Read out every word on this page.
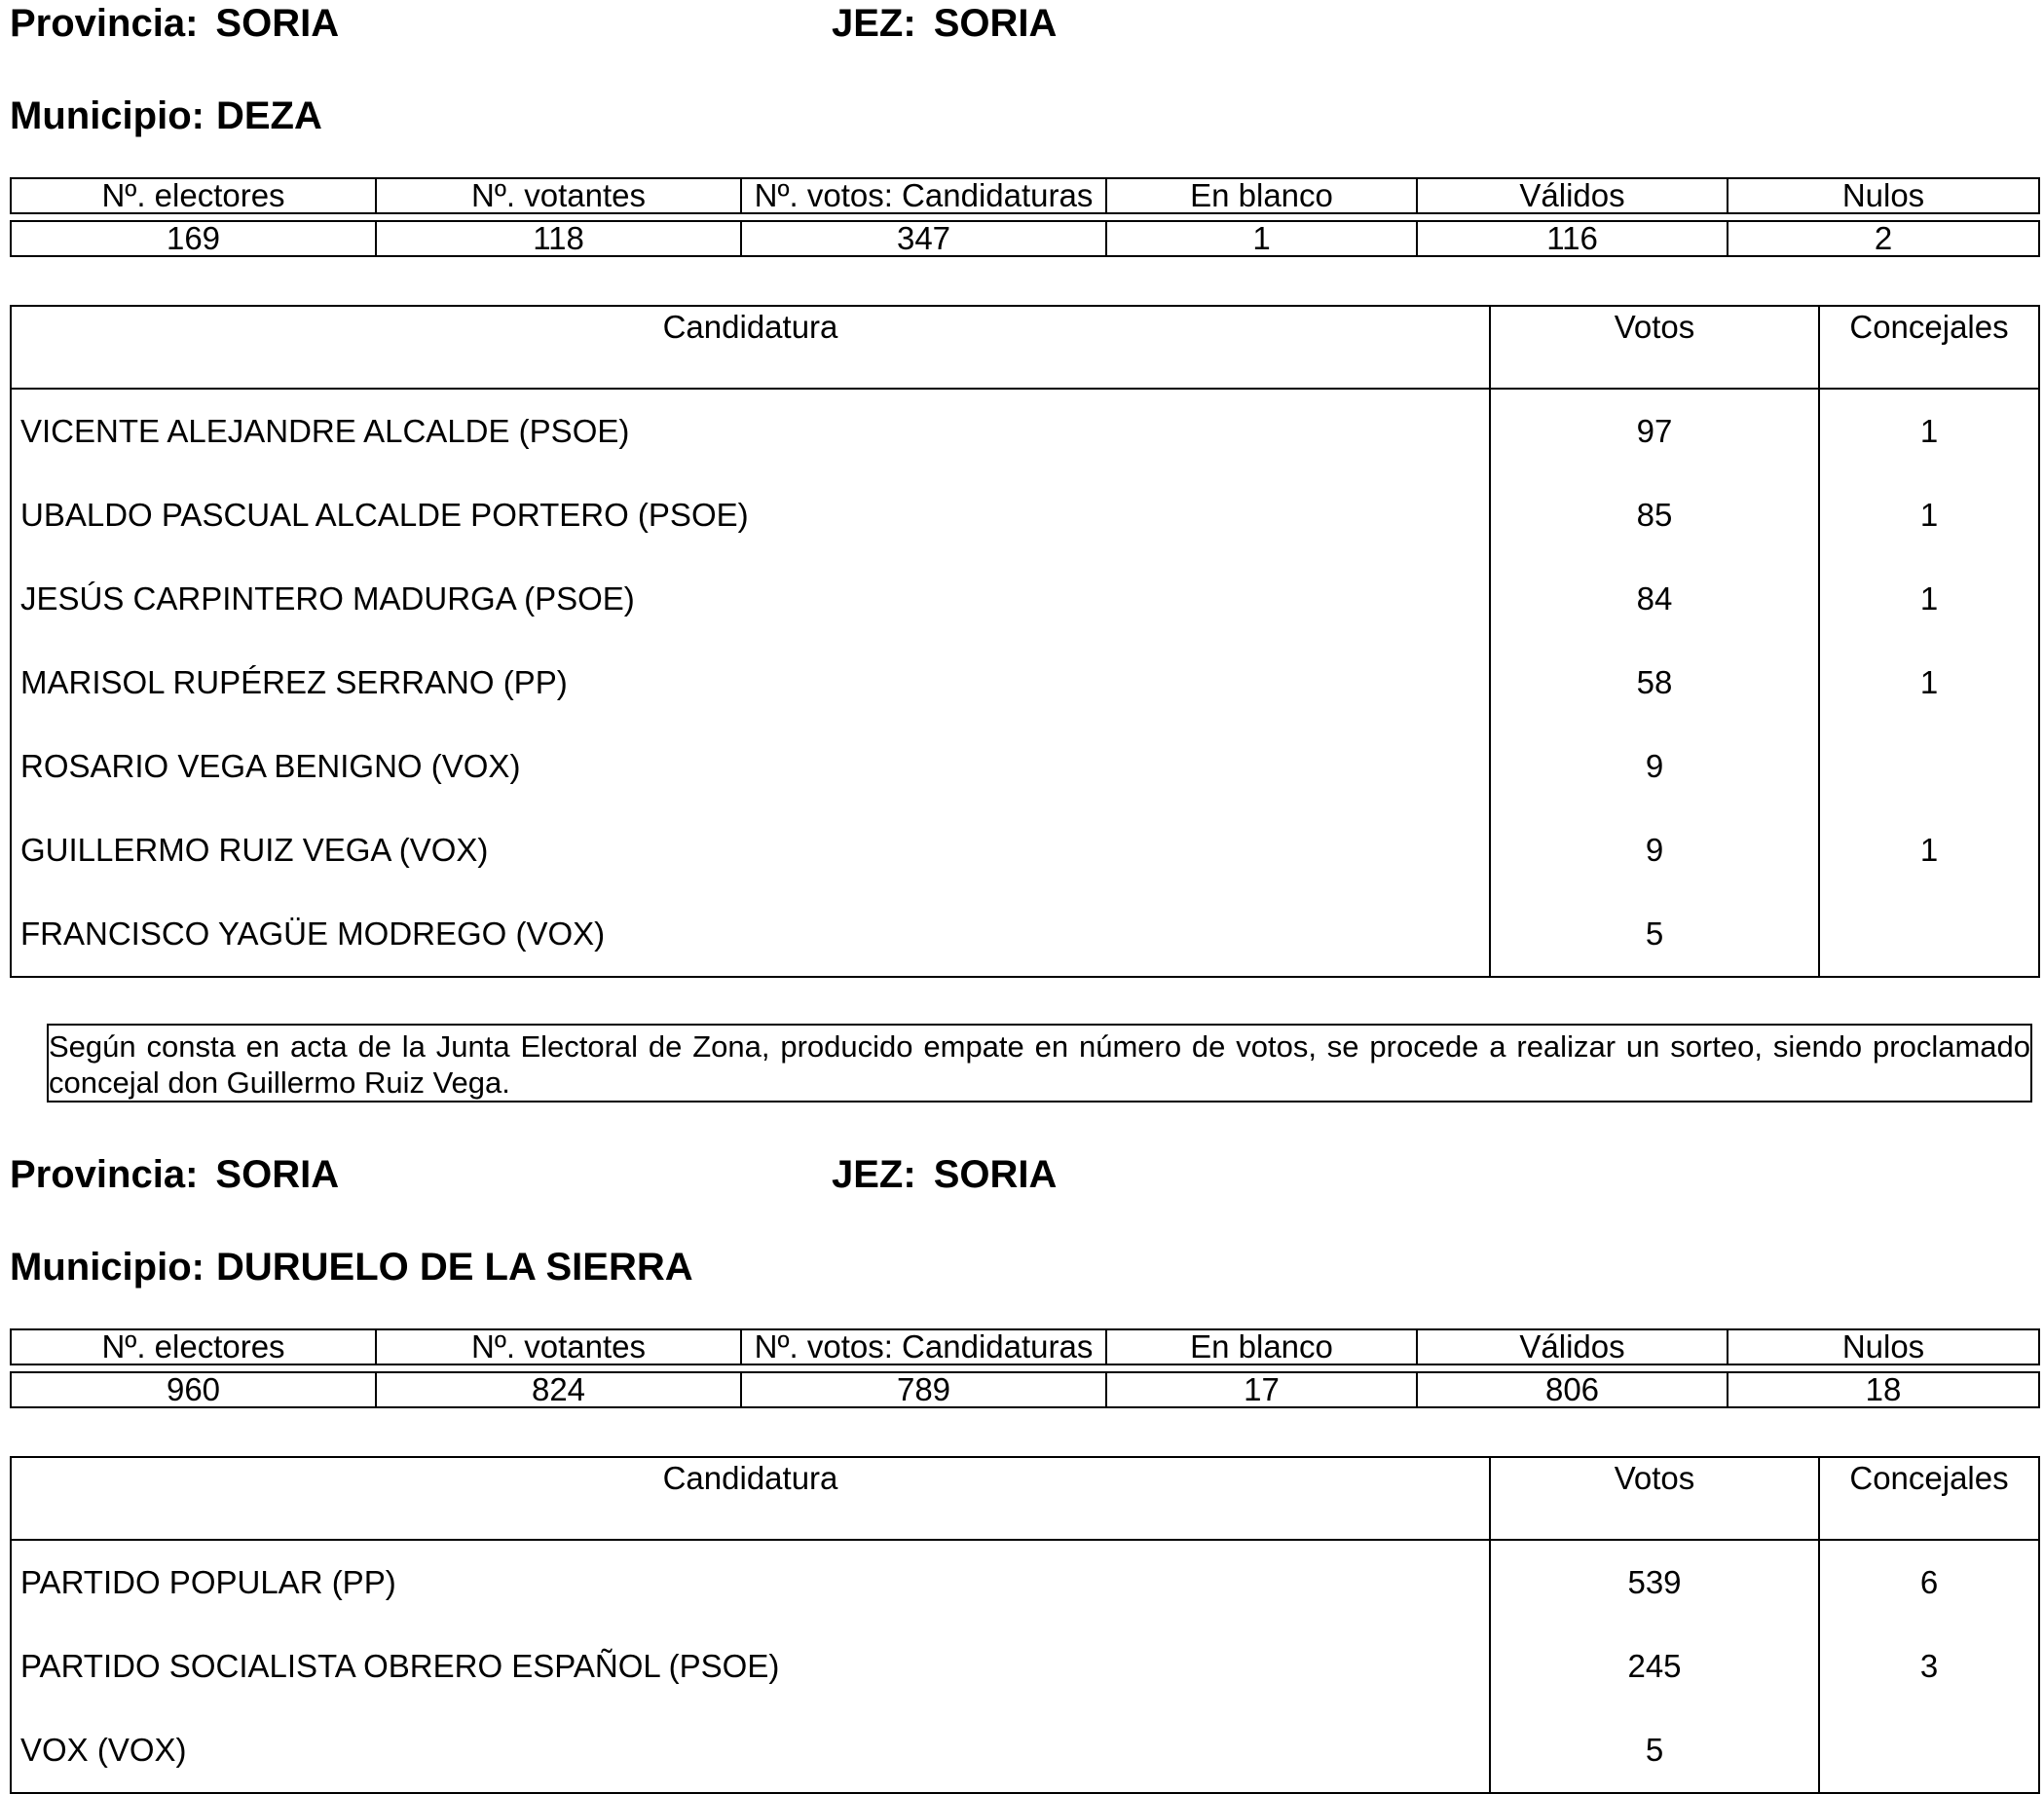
Provincia: SORIA	JEZ: SORIA
Municipio: DEZA
Nº. electores	Nº. votantes	Nº. votos: Candidaturas	En blanco	Válidos	Nulos
169	118	347	1	116	2
Candidatura	Votos	Concejales
VICENTE ALEJANDRE ALCALDE (PSOE)	97	1
UBALDO PASCUAL ALCALDE PORTERO (PSOE)	85	1
JESÚS CARPINTERO MADURGA (PSOE)	84	1
MARISOL RUPÉREZ SERRANO (PP)	58	1
ROSARIO VEGA BENIGNO (VOX)	9	
GUILLERMO RUIZ VEGA (VOX)	9	1
FRANCISCO YAGÜE MODREGO (VOX)	5	
Según consta en acta de la Junta Electoral de Zona, producido empate en número de votos, se procede a realizar un sorteo, siendo proclamado concejal don Guillermo Ruiz Vega.
Provincia: SORIA	JEZ: SORIA
Municipio: DURUELO DE LA SIERRA
Nº. electores	Nº. votantes	Nº. votos: Candidaturas	En blanco	Válidos	Nulos
960	824	789	17	806	18
Candidatura	Votos	Concejales
PARTIDO POPULAR (PP)	539	6
PARTIDO SOCIALISTA OBRERO ESPAÑOL (PSOE)	245	3
VOX (VOX)	5	
